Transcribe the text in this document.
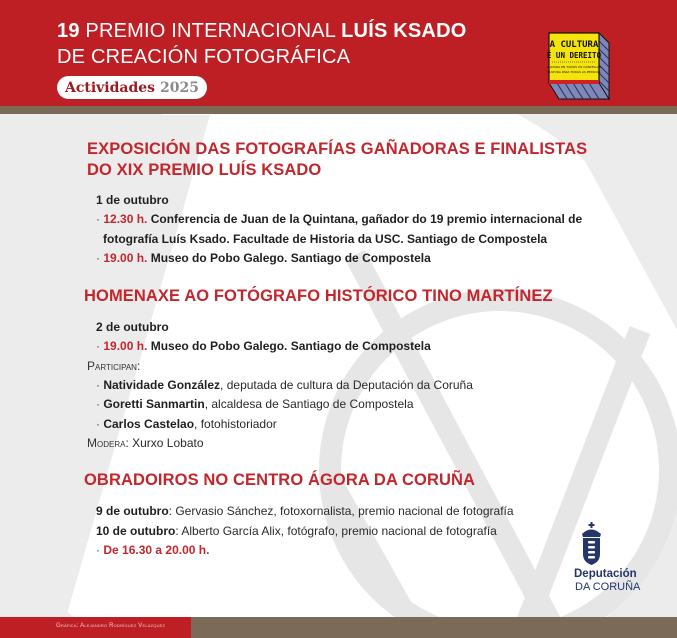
19 PREMIO INTERNACIONAL LUÍS KSADO
DE CREACIÓN FOTOGRÁFICA
Actividades 2025
A CULTURA
É UN DEREITO
CULTURA EN TODOS OS CONCELLOS
CULTURA PARA TODAS AS PERSOAS
EXPOSICIÓN DAS FOTOGRAFÍAS GAÑADORAS E FINALISTAS
DO XIX PREMIO LUÍS KSADO
1 de outubro
· 12.30 h. Conferencia de Juan de la Quintana, gañador do 19 premio internacional de
fotografía Luís Ksado. Facultade de Historia da USC. Santiago de Compostela
· 19.00 h. Museo do Pobo Galego. Santiago de Compostela
HOMENAXE AO FOTÓGRAFO HISTÓRICO TINO MARTÍNEZ
2 de outubro
· 19.00 h. Museo do Pobo Galego. Santiago de Compostela
Participan:
· Natividade González, deputada de cultura da Deputación da Coruña
· Goretti Sanmartin, alcaldesa de Santiago de Compostela
· Carlos Castelao, fotohistoriador
Modera: Xurxo Lobato
OBRADOIROS NO CENTRO ÁGORA DA CORUÑA
9 de outubro: Gervasio Sánchez, fotoxornalista, premio nacional de fotografía
10 de outubro: Alberto García Alix, fotógrafo, premio nacional de fotografía
· De 16.30 a 20.00 h.
Deputación
DA CORUÑA
Gráfica: Alejandro Rodríguez Velázquez
